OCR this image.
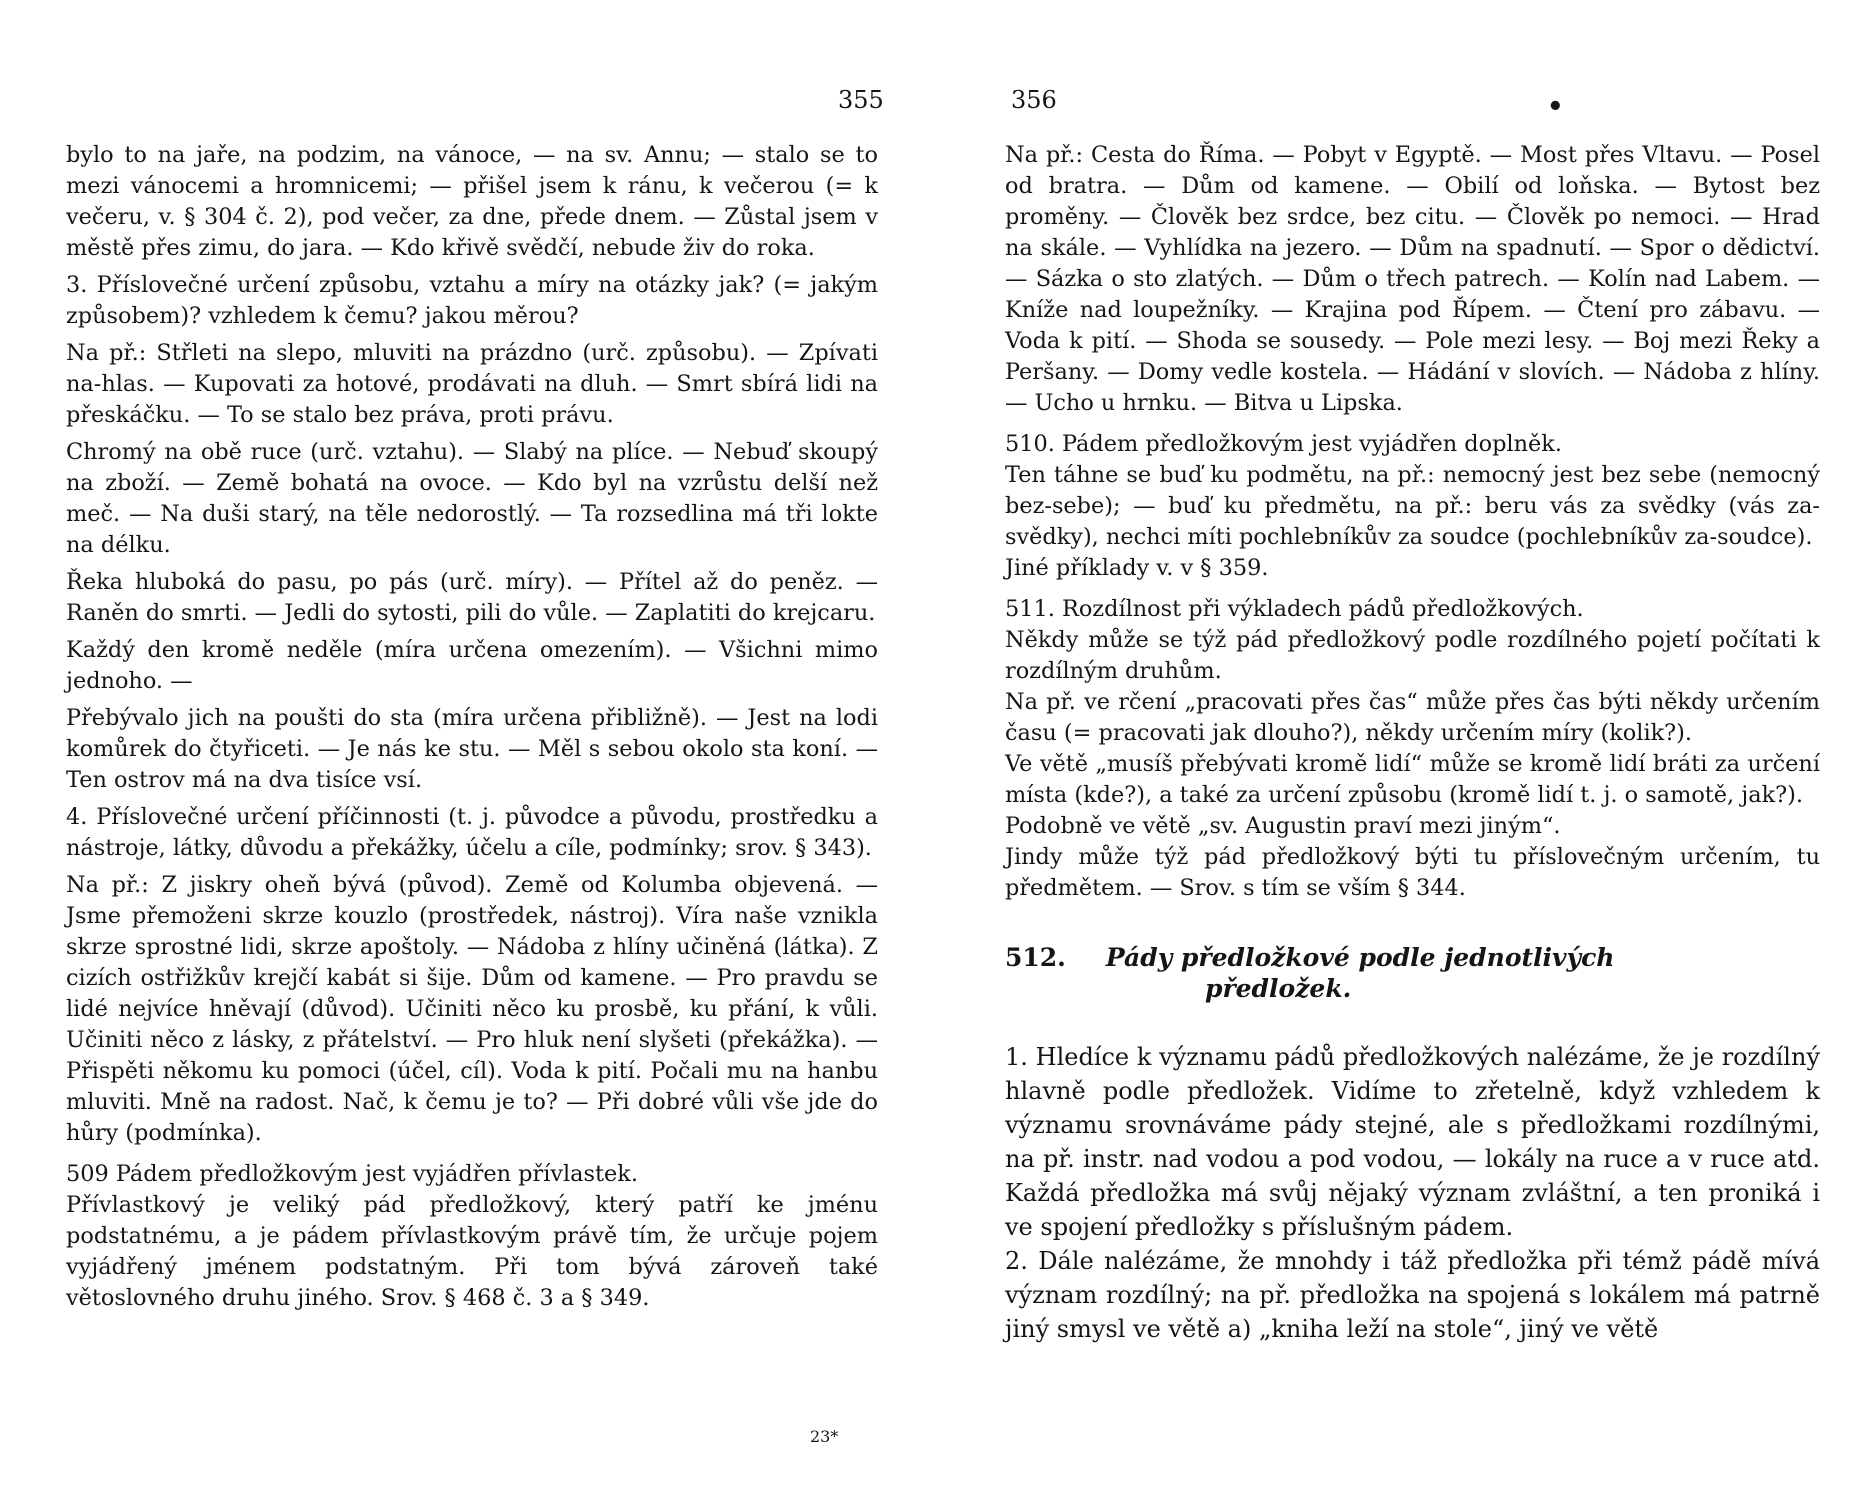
355

bylo to na jaře, na podzim, na vánoce, — na sv. Annu; — stalo se to mezi vánocemi a hromnicemi; — přišel jsem k ránu, k večerou (= k večeru, v. § 304 č. 2), pod večer, za dne, přede dnem. — Zůstal jsem v městě přes zimu, do jara. — Kdo křivě svědčí, nebude živ do roka.

3. Příslovečné určení způsobu, vztahu a míry na otázky jak? (= jakým způsobem)? vzhledem k čemu? jakou měrou?

Na př.: Střleti na slepo, mluviti na prázdno (urč. způsobu). — Zpívati na-hlas. — Kupovati za hotové, prodávati na dluh. — Smrt sbírá lidi na přeskáčku. — To se stalo bez práva, proti právu.

Chromý na obě ruce (urč. vztahu). — Slabý na plíce. — Nebuď skoupý na zboží. — Země bohatá na ovoce. — Kdo byl na vzrůstu delší než meč. — Na duši starý, na těle nedorostlý. — Ta rozsedlina má tři lokte na délku.

Řeka hluboká do pasu, po pás (urč. míry). — Přítel až do peněz. — Raněn do smrti. — Jedli do sytosti, pili do vůle. — Zaplatiti do krejcaru.

Každý den kromě neděle (míra určena omezením). — Všichni mimo jednoho. —

Přebývalo jich na poušti do sta (míra určena přibližně). — Jest na lodi komůrek do čtyřiceti. — Je nás ke stu. — Měl s sebou okolo sta koní. — Ten ostrov má na dva tisíce vsí.

4. Příslovečné určení příčinnosti (t. j. původce a původu, prostředku a nástroje, látky, důvodu a překážky, účelu a cíle, podmínky; srov. § 343).

Na př.: Z jiskry oheň bývá (původ). Země od Kolumba objevená. — Jsme přemoženi skrze kouzlo (prostředek, nástroj). Víra naše vznikla skrze sprostné lidi, skrze apoštoly. — Nádoba z hlíny učiněná (látka). Z cizích ostřižkův krejčí kabát si šije. Dům od kamene. — Pro pravdu se lidé nejvíce hněvají (důvod). Učiniti něco ku prosbě, ku přání, k vůli. Učiniti něco z lásky, z přátelství. — Pro hluk není slyšeti (překážka). — Přispěti někomu ku pomoci (účel, cíl). Voda k pití. Počali mu na hanbu mluviti. Mně na radost. Nač, k čemu je to? — Při dobré vůli vše jde do hůry (podmínka).

509 Pádem předložkovým jest vyjádřen přívlastek.

Přívlastkový je veliký pád předložkový, který patří ke jménu podstatnému, a je pádem přívlastkovým právě tím, že určuje pojem vyjádřený jménem podstatným. Při tom bývá zároveň také větoslovného druhu jiného. Srov. § 468 č. 3 a § 349.

23*
356	•

Na př.: Cesta do Říma. — Pobyt v Egyptě. — Most přes Vltavu. — Posel od bratra. — Dům od kamene. — Obilí od loňska. — Bytost bez proměny. — Člověk bez srdce, bez citu. — Člověk po nemoci. — Hrad na skále. — Vyhlídka na jezero. — Dům na spadnutí. — Spor o dědictví. — Sázka o sto zlatých. — Dům o třech patrech. — Kolín nad Labem. — Kníže nad loupežníky. — Krajina pod Řípem. — Čtení pro zábavu. — Voda k pití. — Shoda se sousedy. — Pole mezi lesy. — Boj mezi Řeky a Peršany. — Domy vedle kostela. — Hádání v slovích. — Nádoba z hlíny. — Ucho u hrnku. — Bitva u Lipska.

510. Pádem předložkovým jest vyjádřen doplněk.

Ten táhne se buď ku podmětu, na př.: nemocný jest bez sebe (nemocný bez-sebe); — buď ku předmětu, na př.: beru vás za svědky (vás za-svědky), nechci míti pochlebníkův za soudce (pochlebníkův za-soudce).

Jiné příklady v. v § 359.

511. Rozdílnost při výkladech pádů předložkových.

Někdy může se týž pád předložkový podle rozdílného pojetí počítati k rozdílným druhům.

Na př. ve rčení „pracovati přes čas“ může přes čas býti někdy určením času (= pracovati jak dlouho?), někdy určením míry (kolik?).

Ve větě „musíš přebývati kromě lidí“ může se kromě lidí bráti za určení místa (kde?), a také za určení způsobu (kromě lidí t. j. o samotě, jak?).

Podobně ve větě „sv. Augustin praví mezi jiným“.

Jindy může týž pád předložkový býti tu příslovečným určením, tu předmětem. — Srov. s tím se vším § 344.

512. Pády předložkové podle jednotlivých
předložek.

1. Hledíce k významu pádů předložkových nalézáme, že je rozdílný hlavně podle předložek. Vidíme to zřetelně, když vzhledem k významu srovnáváme pády stejné, ale s předložkami rozdílnými, na př. instr. nad vodou a pod vodou, — lokály na ruce a v ruce atd. Každá předložka má svůj nějaký význam zvláštní, a ten proniká i ve spojení předložky s příslušným pádem.

2. Dále nalézáme, že mnohdy i táž předložka při témž pádě mívá význam rozdílný; na př. předložka na spojená s lokálem má patrně jiný smysl ve větě a) „kniha leží na stole“, jiný ve větě
